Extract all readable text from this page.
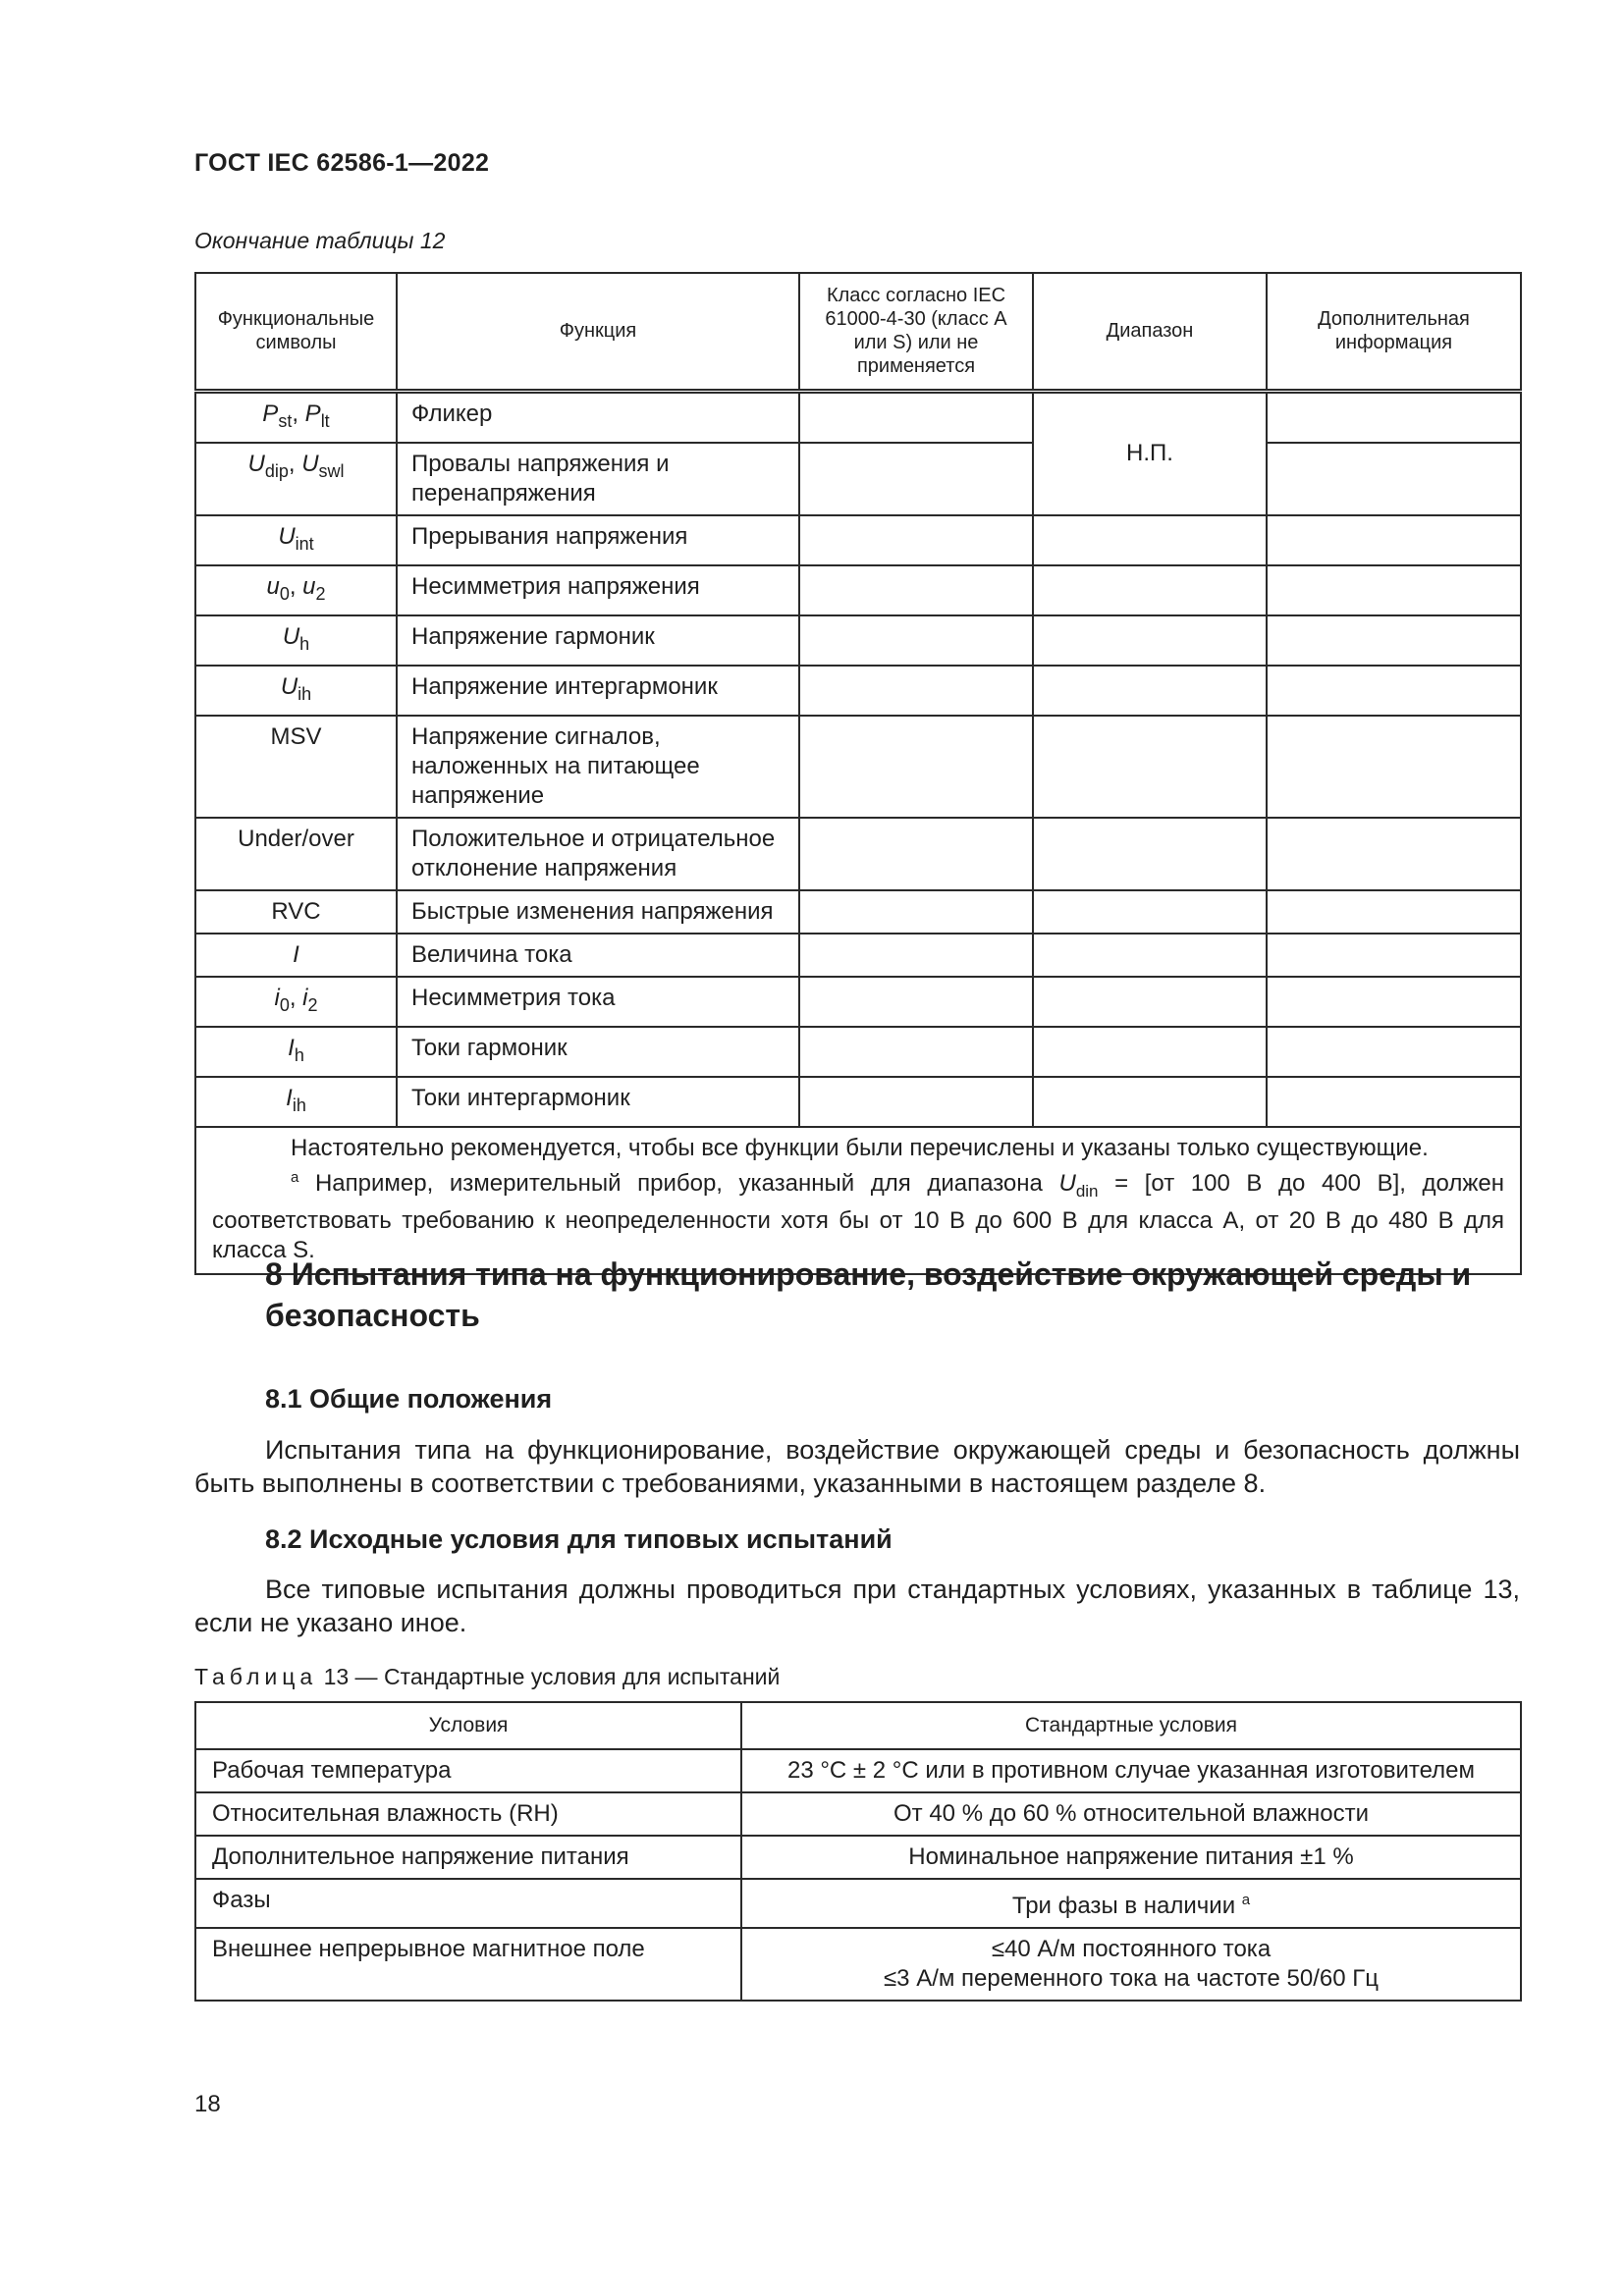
ГОСТ IEC 62586-1—2022
Окончание таблицы 12
Функциональные символы	Функция	Класс согласно IEC 61000-4-30 (класс А или S) или не применяется	Диапазон	Дополнительная информация
$P_{st}$, $P_{lt}$	Фликер		Н.П.	
$U_{dip}$, $U_{swl}$	Провалы напряжения и перенапряжения			
$U_{int}$	Прерывания напряжения			
$u_0$, $u_2$	Несимметрия напряжения			
$U_h$	Напряжение гармоник			
$U_{ih}$	Напряжение интергармоник			
MSV	Напряжение сигналов, наложенных на питающее напряжение			
Under/over	Положительное и отрицательное отклонение напряжения			
RVC	Быстрые изменения напряжения			
I	Величина тока			
$i_0$, $i_2$	Несимметрия тока			
$I_h$	Токи гармоник			
$I_{ih}$	Токи интергармоник			

Настоятельно рекомендуется, чтобы все функции были перечислены и указаны только существующие.

$^а$ Например, измерительный прибор, указанный для диапазона $U_{din} = [от$ 100 В до 400 В], должен соответствовать требованию к неопределенности хотя бы от 10 В до 600 В для класса А, от 20 В до 480 В для класса S.				

8 Испытания типа на функционирование, воздействие окружающей среды и безопасность
8.1 Общие положения
Испытания типа на функционирование, воздействие окружающей среды и безопасность должны быть выполнены в соответствии с требованиями, указанными в настоящем разделе 8.
8.2 Исходные условия для типовых испытаний
Все типовые испытания должны проводиться при стандартных условиях, указанных в таблице 13, если не указано иное.
Таблица 13 — Стандартные условия для испытаний
Условия	Стандартные условия
Рабочая температура	23 °С ± 2 °С или в противном случае указанная изготовителем
Относительная влажность (RH)	От 40 % до 60 % относительной влажности
Дополнительное напряжение питания	Номинальное напряжение питания ±1 %
Фазы	Три фазы в наличии $^а$
Внешнее непрерывное магнитное поле	≤40 А/м постоянного тока
≤3 А/м переменного тока на частоте 50/60 Гц
18
